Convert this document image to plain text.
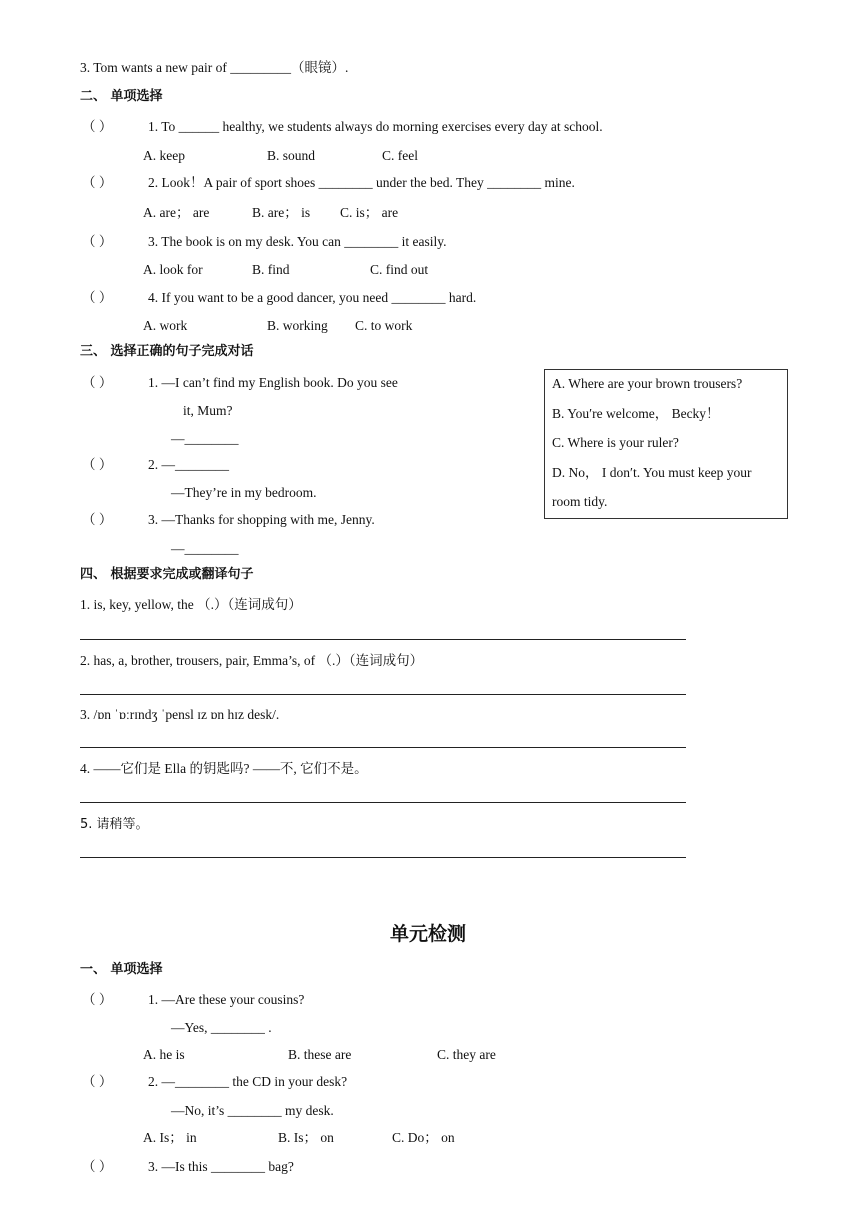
3. Tom wants a new pair of _________（眼镜）.
二、 单项选择
（ ）	1. To ______ healthy, we students always do morning exercises every day at school.
A. keep	B. sound	C. feel
（ ）	2. Look！A pair of sport shoes ________ under the bed. They ________ mine.
A. are； are	B. are； is C. is； are
（ ）	3. The book is on my desk. You can ________ it easily.
A. look for	B. find	C. find out
（ ）	4. If you want to be a good dancer, you need ________ hard.
A. work	B. working C. to work
三、 选择正确的句子完成对话
（ ）	1. —I can’t find my English book. Do you see
it, Mum?
—________
（ ）	2. —________
—They’re in my bedroom.
（ ）	3. —Thanks for shopping with me, Jenny.
—________
A. Where are your brown trousers?
B. You′re welcome， Becky！
C. Where is your ruler?
D. No， I don′t. You must keep your
room tidy.
四、 根据要求完成或翻译句子
1. is, key, yellow, the （.）（连词成句）
2. has, a, brother, trousers, pair, Emma’s, of （.）（连词成句）
3. /ɒn ˈɒːrɪndʒ ˈpensl ɪz ɒn hɪz desk/.
4. ——它们是 Ella 的钥匙吗? ——不, 它们不是。
5. 请稍等。
单元检测
一、 单项选择
（ ）	1. —Are these your cousins?
—Yes, ________ .
A. he is	B. these are	C. they are
（ ）	2. —________ the CD in your desk?
—No, it’s ________ my desk.
A. Is； in	B. Is； on	C. Do； on
（ ）	3. —Is this ________ bag?
